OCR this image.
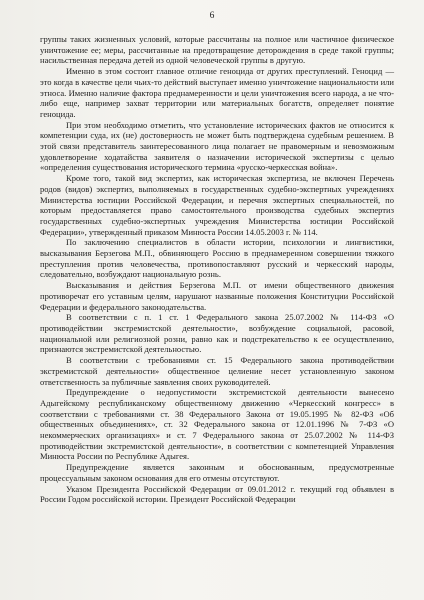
6

группы таких жизненных условий, которые рассчитаны на полное или частичное физическое уничтожение ее; меры, рассчитанные на предотвращение деторождения в среде такой группы; насильственная передача детей из одной человеческой группы в другую.

Именно в этом состоит главное отличие геноцида от других преступлений. Геноцид — это когда в качестве цели чьих-то действий выступает именно уничтожение национальности или этноса. Именно наличие фактора преднамеренности и цели уничтожения всего народа, а не что-либо еще, например захват территории или материальных богатств, определяет понятие геноцида.

При этом необходимо отметить, что установление исторических фактов не относится к компетенции суда, их (не) достоверность не может быть подтверждена судебным решением. В этой связи представитель заинтересованного лица полагает не правомерным и невозможным удовлетворение ходатайства заявителя о назначении исторической экспертизы с целью «определения существования исторического термина «русско-черкесская война».

Кроме того, такой вид экспертиз, как историческая экспертиза, не включен Перечень родов (видов) экспертиз, выполняемых в государственных судебно-экспертных учреждениях Министерства юстиции Российской Федерации, и перечня экспертных специальностей, по которым предоставляется право самостоятельного производства судебных экспертиз государственных судебно-экспертных учреждения Министерства юстиции Российской Федерации», утвержденный приказом Минюста России 14.05.2003 г. № 114.

По заключению специалистов в области истории, психологии и лингвистики, высказывания Берзегова М.П., обвиняющего Россию в преднамеренном совершении тяжкого преступления против человечества, противопоставляют русский и черкесский народы, следовательно, возбуждают национальную рознь.

Высказывания и действия Берзегова М.П. от имени общественного движения противоречат его уставным целям, нарушают названные положения Конституции Российской Федерации и федерального законодательства.

В соответствии с п. 1 ст. 1 Федерального закона 25.07.2002 № 114-ФЗ «О противодействии экстремистской деятельности», возбуждение социальной, расовой, национальной или религиозной розни, равно как и подстрекательство к ее осуществлению, признаются экстремистской деятельностью.

В соответствии с требованиями ст. 15 Федерального закона противодействии экстремистской деятельности» общественное целиение несет установленную законом ответственность за публичные заявления своих руководителей.

Предупреждение о недопустимости экстремистской деятельности вынесено Адыгейскому республиканскому общественному движению «Черкесский конгресс» в соответствии с требованиями ст. 38 Федерального Закона от 19.05.1995 № 82-ФЗ «Об общественных объединениях», ст. 32 Федерального закона от 12.01.1996 № 7-ФЗ «О некоммерческих организациях» и ст. 7 Федерального закона от 25.07.2002 № 114-ФЗ противодействии экстремистской деятельности», в соответствии с компетенцией Управления Минюста России по Республике Адыгея.

Предупреждение является законным и обоснованным, предусмотренные процессуальным законом основания для его отмены отсутствуют.

Указом Президента Российской Федерации от 09.01.2012 г. текущий год объявлен в России Годом российской истории. Президент Российской Федерации
